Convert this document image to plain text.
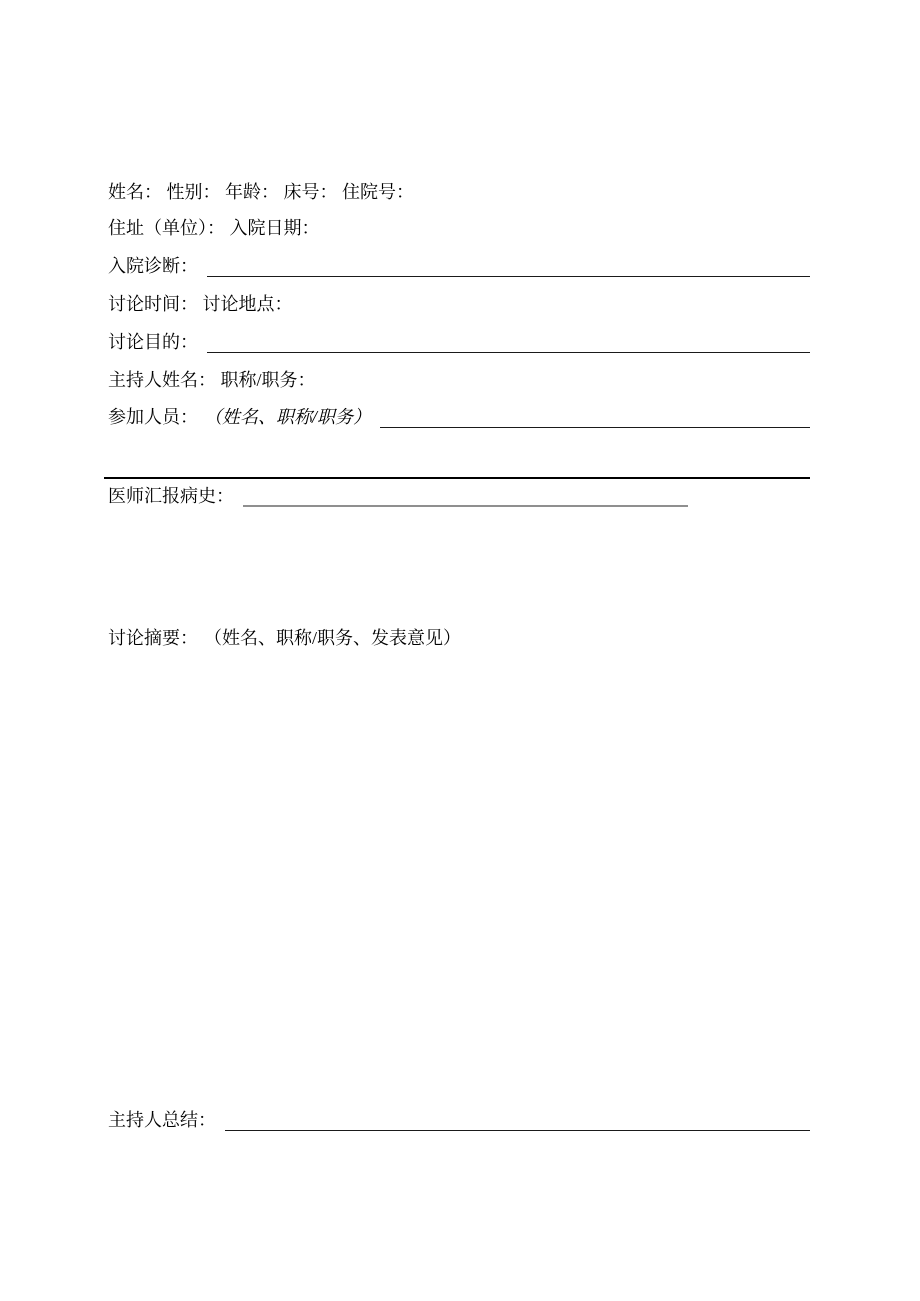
姓名： 性别： 年龄： 床号： 住院号：
住址（单位）： 入院日期：
入院诊断：
讨论时间： 讨论地点：
讨论目的：
主持人姓名： 职称/职务：
参加人员： （姓名、职称/职务）
医师汇报病史：
讨论摘要： （姓名、职称/职务、发表意见）
主持人总结：
